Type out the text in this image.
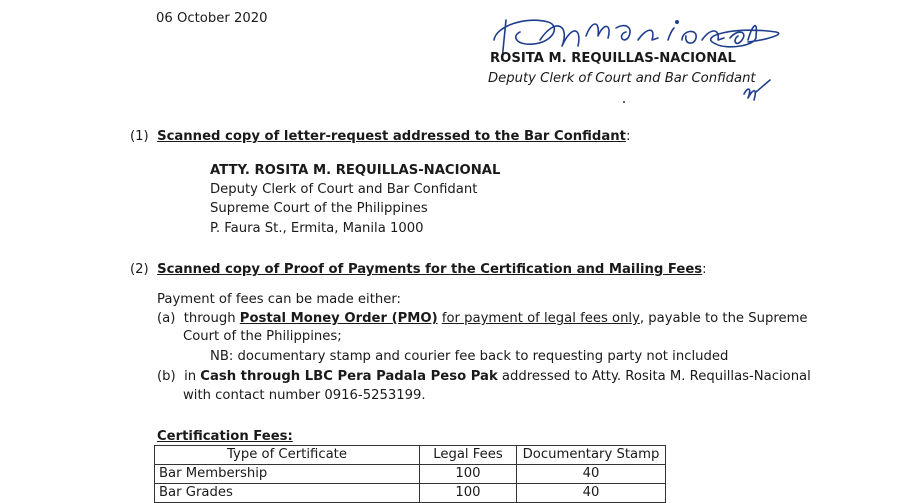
06 October 2020
ROSITA M. REQUILLAS-NACIONAL
Deputy Clerk of Court and Bar Confidant
(1) Scanned copy of letter-request addressed to the Bar Confidant:
ATTY. ROSITA M. REQUILLAS-NACIONAL
Deputy Clerk of Court and Bar Confidant
Supreme Court of the Philippines
P. Faura St., Ermita, Manila 1000
(2) Scanned copy of Proof of Payments for the Certification and Mailing Fees:
Payment of fees can be made either:
(a) through Postal Money Order (PMO) for payment of legal fees only, payable to the Supreme
Court of the Philippines;
NB: documentary stamp and courier fee back to requesting party not included
(b) in Cash through LBC Pera Padala Peso Pak addressed to Atty. Rosita M. Requillas-Nacional
with contact number 0916-5253199.
Certification Fees:
Type of Certificate	Legal Fees	Documentary Stamp
Bar Membership	100	40
Bar Grades	100	40
